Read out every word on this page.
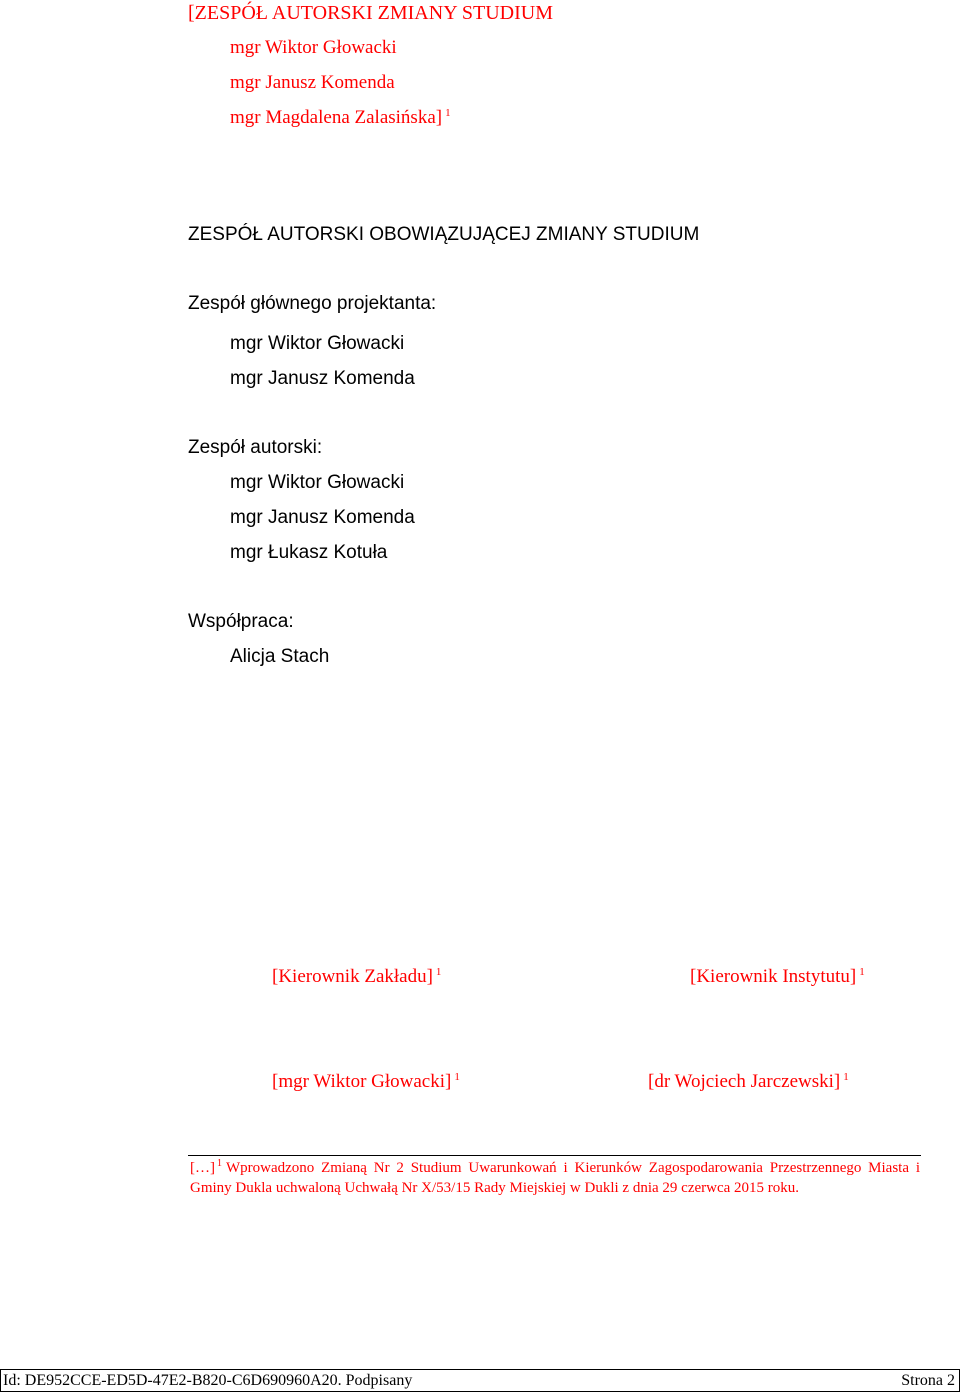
[ZESPÓŁ AUTORSKI ZMIANY STUDIUM
mgr Wiktor Głowacki
mgr Janusz Komenda
mgr Magdalena Zalasińska] $^1$
ZESPÓŁ AUTORSKI OBOWIĄZUJĄCEJ ZMIANY STUDIUM
Zespół głównego projektanta:
mgr Wiktor Głowacki
mgr Janusz Komenda
Zespół autorski:
mgr Wiktor Głowacki
mgr Janusz Komenda
mgr Łukasz Kotuła
Współpraca:
Alicja Stach
[Kierownik Zakładu] $^1$	[Kierownik Instytutu] $^1$
[mgr Wiktor Głowacki] $^1$	[dr Wojciech Jarczewski] $^1$
[…] $^1$ Wprowadzono Zmianą Nr 2 Studium Uwarunkowań i Kierunków Zagospodarowania Przestrzennego Miasta i Gminy Dukla uchwaloną Uchwałą Nr X/53/15 Rady Miejskiej w Dukli z dnia 29 czerwca 2015 roku.
Id: DE952CCE-ED5D-47E2-B820-C6D690960A20. Podpisany	Strona 2
